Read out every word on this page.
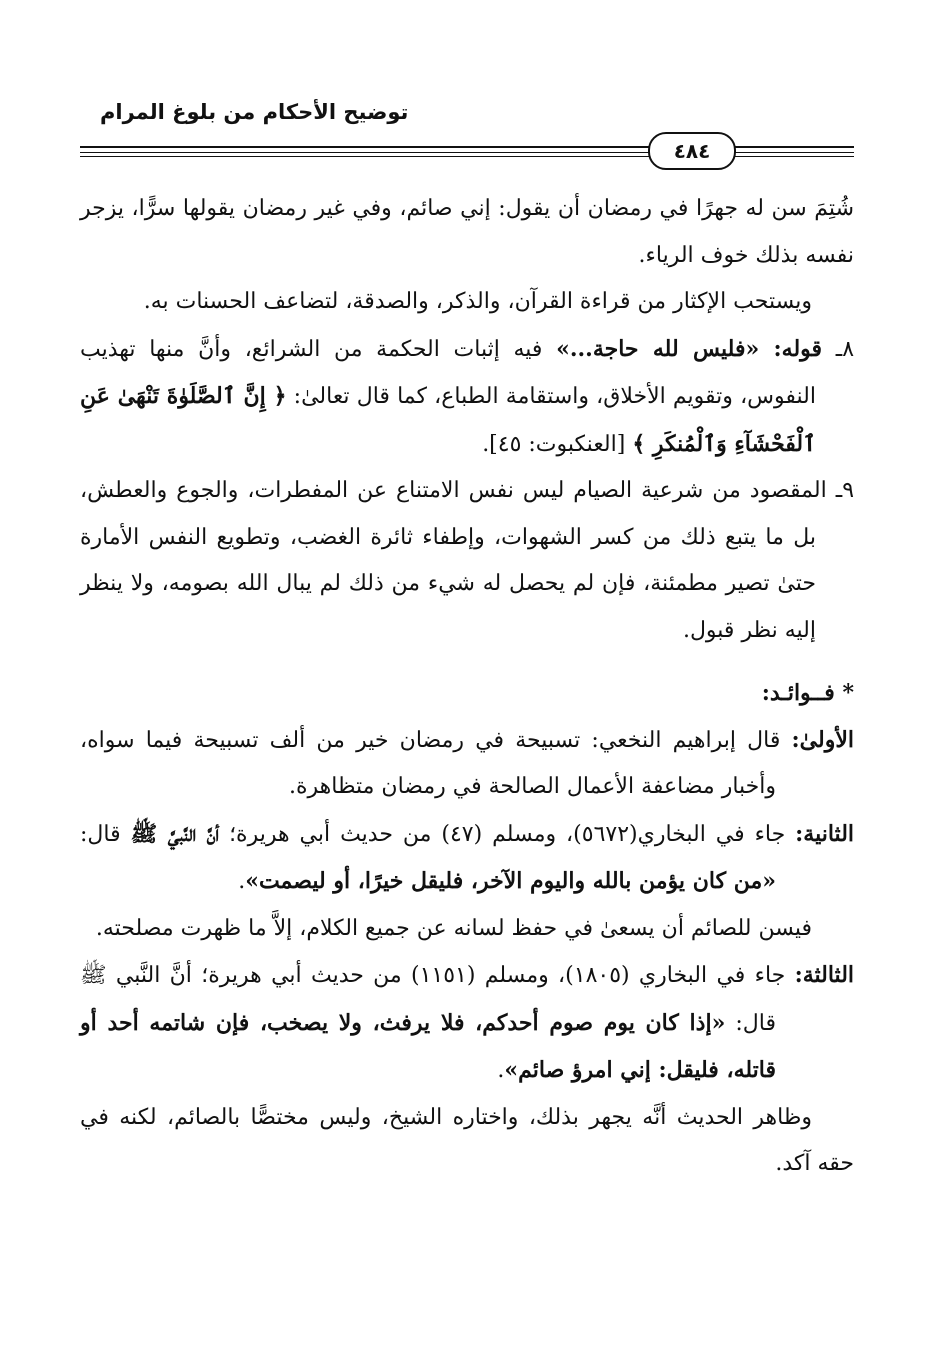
توضيح الأحكام من بلوغ المرام
٤٨٤

شُتِمَ سن له جهرًا في رمضان أن يقول: إني صائم، وفي غير رمضان يقولها سرًّا، يزجر نفسه بذلك خوف الرياء.

ويستحب الإكثار من قراءة القرآن، والذكر، والصدقة، لتضاعف الحسنات به.

٨ـ قوله: «فليس لله حاجة...» فيه إثبات الحكمة من الشرائع، وأنَّ منها تهذيب النفوس، وتقويم الأخلاق، واستقامة الطباع، كما قال تعالىٰ: ﴿ إِنَّ ٱلصَّلَوٰةَ تَنْهَىٰ عَنِ ٱلْفَحْشَآءِ وَٱلْمُنكَرِ ﴾ [العنكبوت: ٤٥].

٩ـ المقصود من شرعية الصيام ليس نفس الامتناع عن المفطرات، والجوع والعطش، بل ما يتبع ذلك من كسر الشهوات، وإطفاء ثائرة الغضب، وتطويع النفس الأمارة حتىٰ تصير مطمئنة، فإن لم يحصل له شيء من ذلك لم يبال الله بصومه، ولا ينظر إليه نظر قبول.

* فــوائـد:

الأولىٰ: قال إبراهيم النخعي: تسبيحة في رمضان خير من ألف تسبيحة فيما سواه، وأخبار مضاعفة الأعمال الصالحة في رمضان متظاهرة.

الثانية: جاء في البخاري(٥٦٧٢)، ومسلم (٤٧) من حديث أبي هريرة؛ أنَّ النَّبيَّ ﷺ قال: «من كان يؤمن بالله واليوم الآخر، فليقل خيرًا، أو ليصمت».

فيسن للصائم أن يسعىٰ في حفظ لسانه عن جميع الكلام، إلاَّ ما ظهرت مصلحته.

الثالثة: جاء في البخاري (١٨٠٥)، ومسلم (١١٥١) من حديث أبي هريرة؛ أنَّ النَّبي ﷺ قال: «إذا كان يوم صوم أحدكم، فلا يرفث، ولا يصخب، فإن شاتمه أحد أو قاتله، فليقل: إني امرؤ صائم».

وظاهر الحديث أنَّه يجهر بذلك، واختاره الشيخ، وليس مختصًّا بالصائم، لكنه في حقه آكد.
